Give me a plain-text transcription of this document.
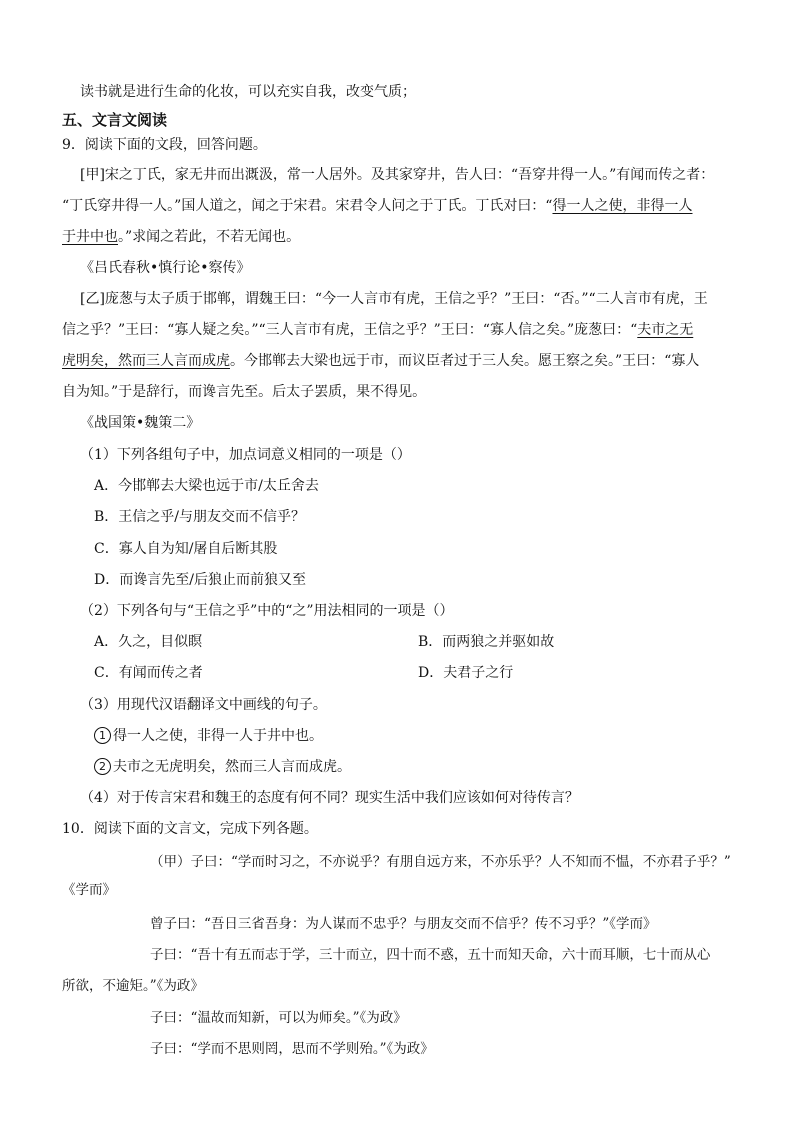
读书就是进行生命的化妆，可以充实自我，改变气质；
五、文言文阅读
9．阅读下面的文段，回答问题。
[甲]宋之丁氏，家无井而出溉汲，常一人居外。及其家穿井，告人曰：“吾穿井得一人。”有闻而传之者：
“丁氏穿井得一人。”国人道之，闻之于宋君。宋君令人问之于丁氏。丁氏对曰：“得一人之使，非得一人
于井中也。”求闻之若此，不若无闻也。
《吕氏春秋•慎行论•察传》
[乙]庞葱与太子质于邯郸，谓魏王曰：“今一人言市有虎，王信之乎？”王曰：“否。”“二人言市有虎，王
信之乎？”王曰：“寡人疑之矣。”“三人言市有虎，王信之乎？”王曰：“寡人信之矣。”庞葱曰：“夫市之无
虎明矣，然而三人言而成虎。今邯郸去大梁也远于市，而议臣者过于三人矣。愿王察之矣。”王曰：“寡人
自为知。”于是辞行，而谗言先至。后太子罢质，果不得见。
《战国策•魏策二》
（1）下列各组句子中，加点词意义相同的一项是（）
A．今邯郸去大梁也远于市/太丘舍去
B．王信之乎/与朋友交而不信乎？
C．寡人自为知/屠自后断其股
D．而谗言先至/后狼止而前狼又至
（2）下列各句与“王信之乎”中的“之”用法相同的一项是（）
A．久之，目似瞑	B．而两狼之并驱如故
C．有闻而传之者	D．夫君子之行
（3）用现代汉语翻译文中画线的句子。
1 得一人之使，非得一人于井中也。
2 夫市之无虎明矣，然而三人言而成虎。
（4）对于传言宋君和魏王的态度有何不同？现实生活中我们应该如何对待传言？
10．阅读下面的文言文，完成下列各题。
（甲）子曰：“学而时习之，不亦说乎？有朋自远方来，不亦乐乎？人不知而不愠，不亦君子乎？”
《学而》
曾子曰：“吾日三省吾身：为人谋而不忠乎？与朋友交而不信乎？传不习乎？”《学而》
子曰：“吾十有五而志于学，三十而立，四十而不惑，五十而知天命，六十而耳顺，七十而从心
所欲，不逾矩。”《为政》
子曰：“温故而知新，可以为师矣。”《为政》
子曰：“学而不思则罔，思而不学则殆。”《为政》
